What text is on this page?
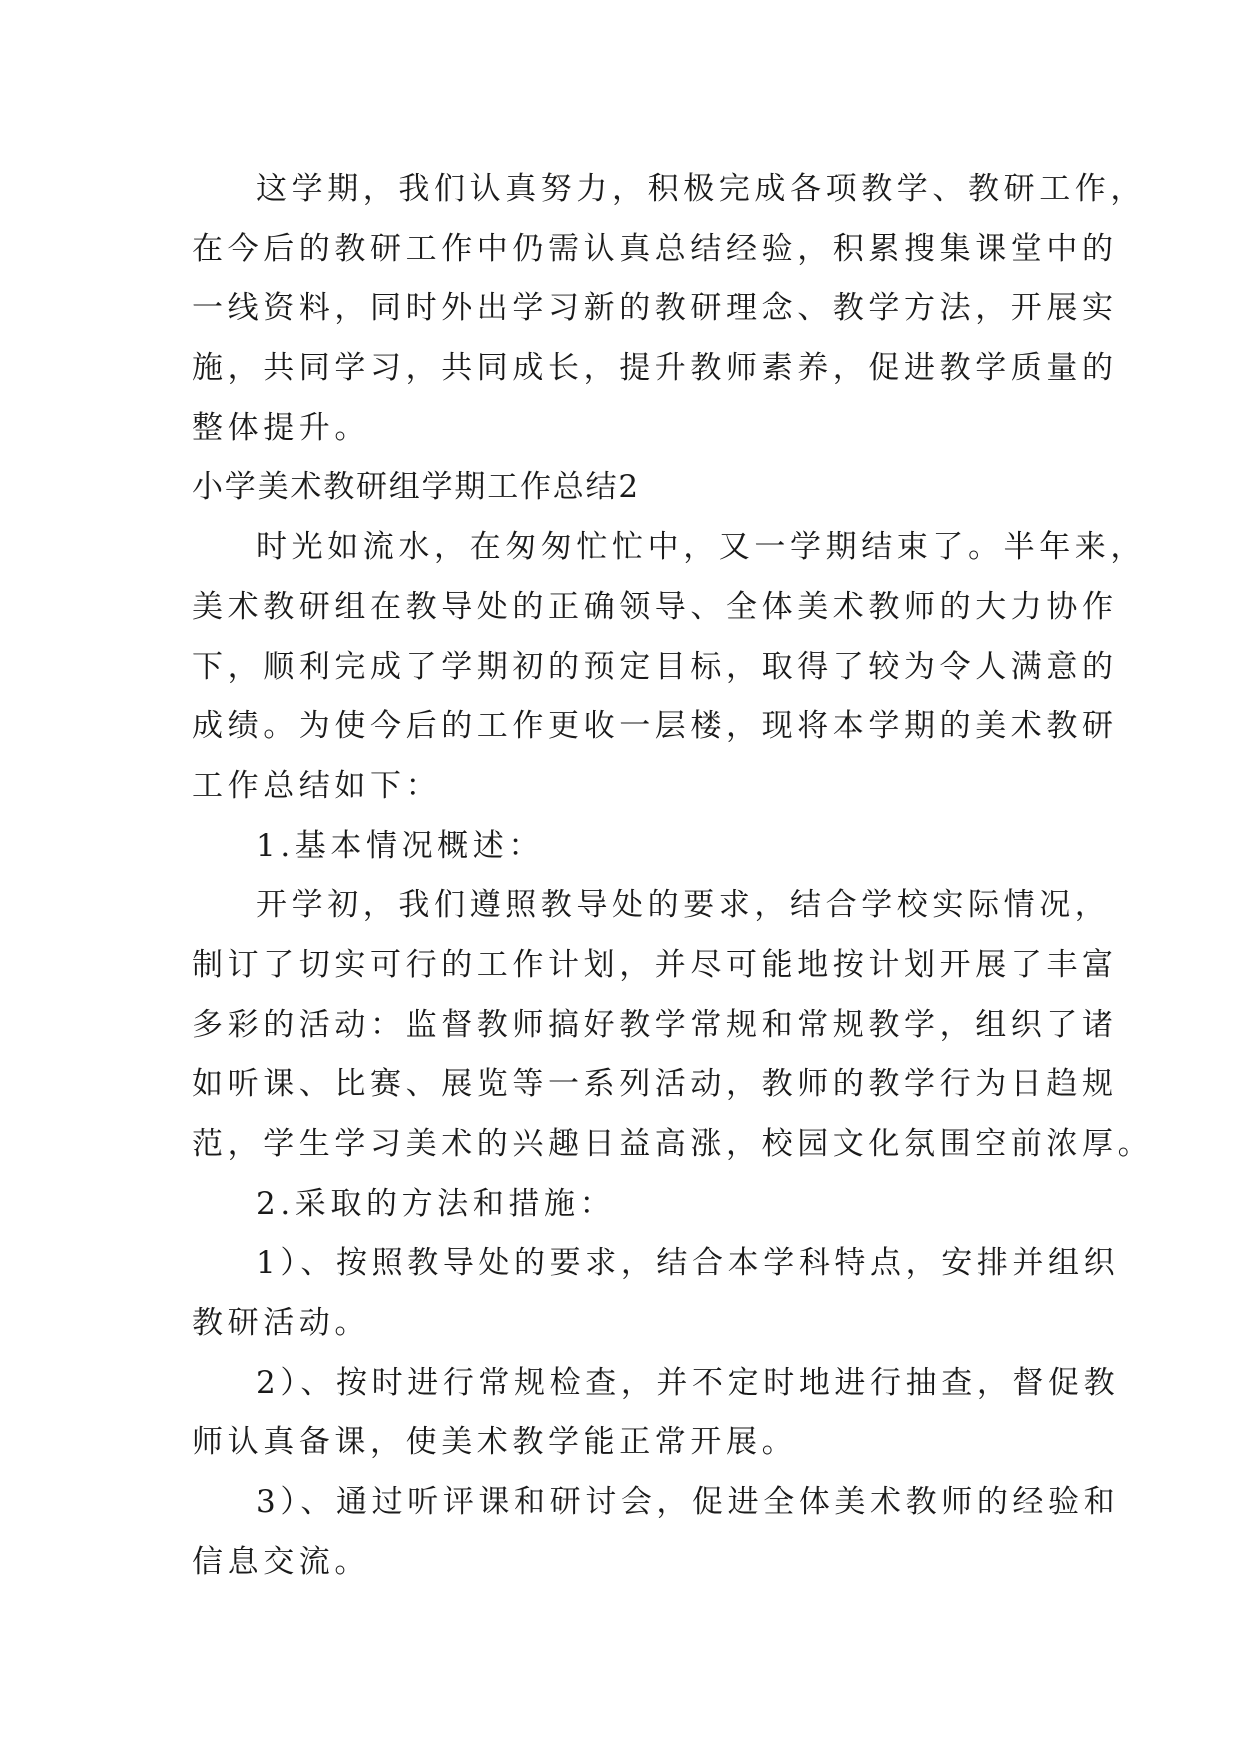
这学期，我们认真努力，积极完成各项教学、教研工作，
在今后的教研工作中仍需认真总结经验，积累搜集课堂中的
一线资料，同时外出学习新的教研理念、教学方法，开展实
施，共同学习，共同成长，提升教师素养，促进教学质量的
整体提升。
小学美术教研组学期工作总结2
时光如流水，在匆匆忙忙中，又一学期结束了。半年来，
美术教研组在教导处的正确领导、全体美术教师的大力协作
下，顺利完成了学期初的预定目标，取得了较为令人满意的
成绩。为使今后的工作更收一层楼，现将本学期的美术教研
工作总结如下：
1.基本情况概述：
开学初，我们遵照教导处的要求，结合学校实际情况，
制订了切实可行的工作计划，并尽可能地按计划开展了丰富
多彩的活动：监督教师搞好教学常规和常规教学，组织了诸
如听课、比赛、展览等一系列活动，教师的教学行为日趋规
范，学生学习美术的兴趣日益高涨，校园文化氛围空前浓厚。
2.采取的方法和措施：
1）、按照教导处的要求，结合本学科特点，安排并组织
教研活动。
2）、按时进行常规检查，并不定时地进行抽查，督促教
师认真备课，使美术教学能正常开展。
3）、通过听评课和研讨会，促进全体美术教师的经验和
信息交流。
